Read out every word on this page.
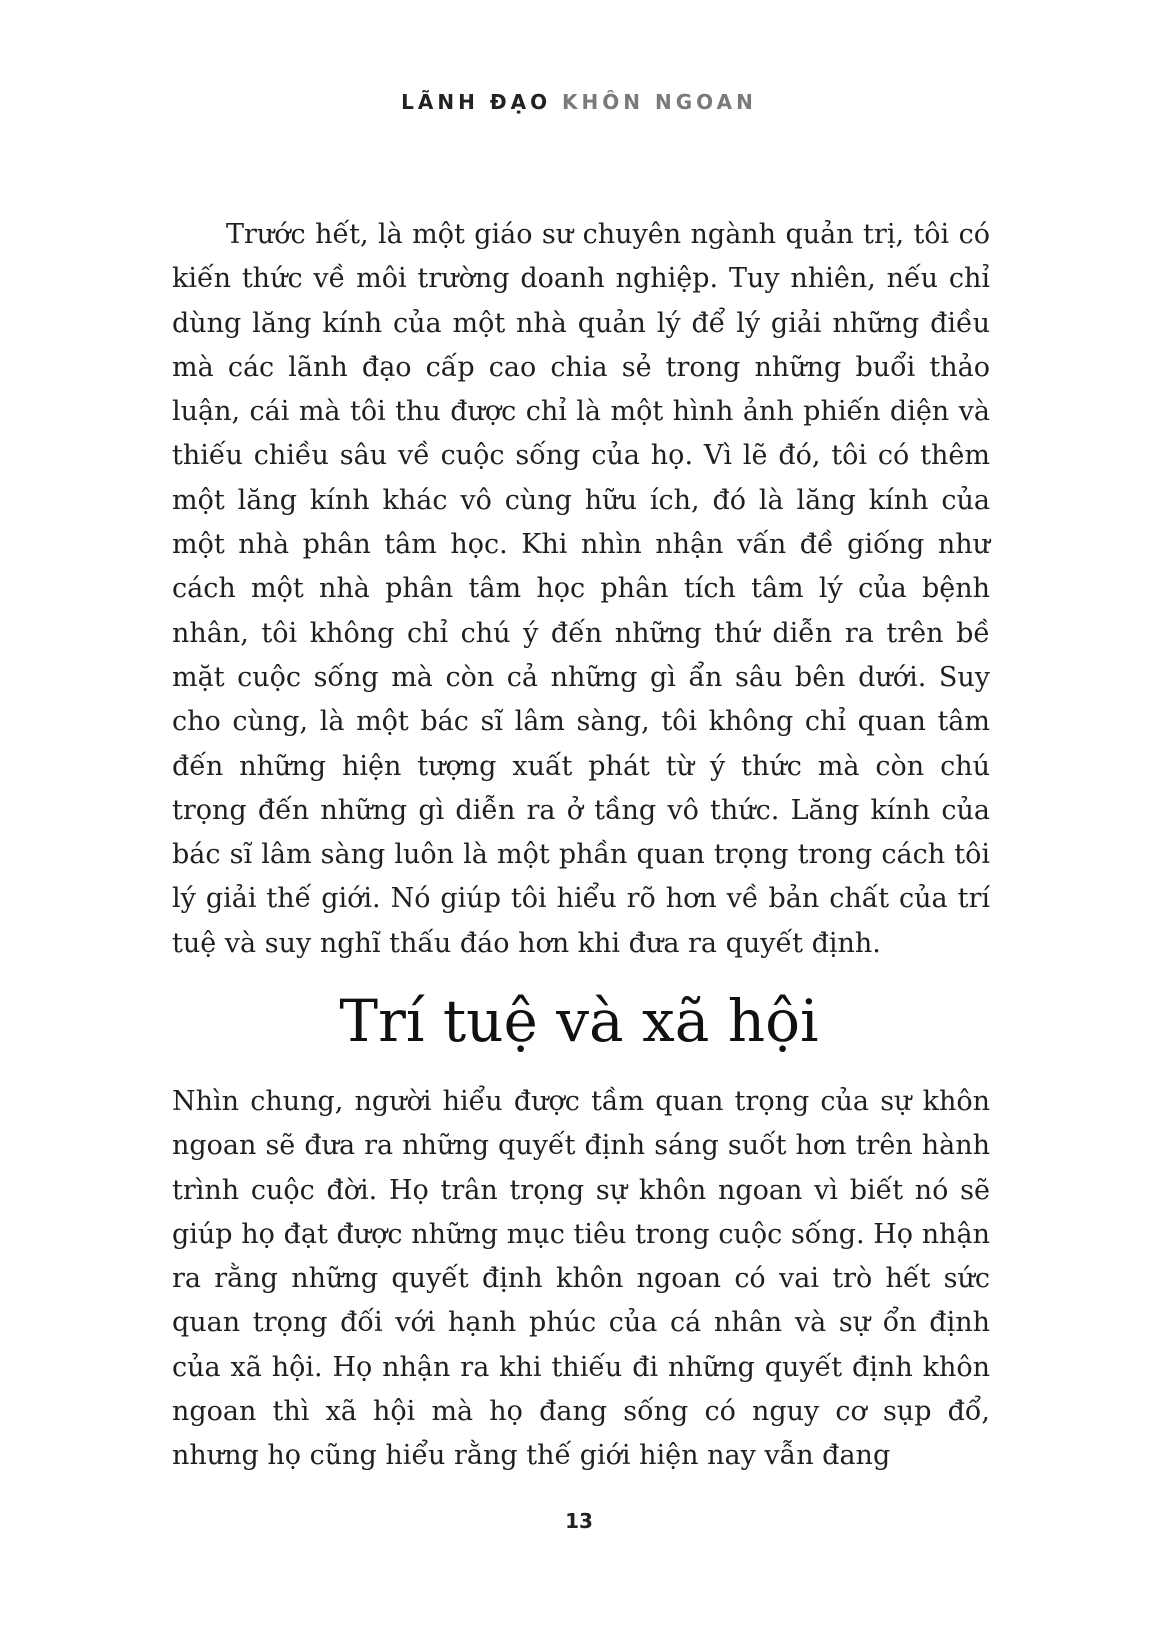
LÃNH ĐẠO KHÔN NGOAN

Trước hết, là một giáo sư chuyên ngành quản trị, tôi có kiến thức về môi trường doanh nghiệp. Tuy nhiên, nếu chỉ dùng lăng kính của một nhà quản lý để lý giải những điều mà các lãnh đạo cấp cao chia sẻ trong những buổi thảo luận, cái mà tôi thu được chỉ là một hình ảnh phiến diện và thiếu chiều sâu về cuộc sống của họ. Vì lẽ đó, tôi có thêm một lăng kính khác vô cùng hữu ích, đó là lăng kính của một nhà phân tâm học. Khi nhìn nhận vấn đề giống như cách một nhà phân tâm học phân tích tâm lý của bệnh nhân, tôi không chỉ chú ý đến những thứ diễn ra trên bề mặt cuộc sống mà còn cả những gì ẩn sâu bên dưới. Suy cho cùng, là một bác sĩ lâm sàng, tôi không chỉ quan tâm đến những hiện tượng xuất phát từ ý thức mà còn chú trọng đến những gì diễn ra ở tầng vô thức. Lăng kính của bác sĩ lâm sàng luôn là một phần quan trọng trong cách tôi lý giải thế giới. Nó giúp tôi hiểu rõ hơn về bản chất của trí tuệ và suy nghĩ thấu đáo hơn khi đưa ra quyết định.

Trí tuệ và xã hội

Nhìn chung, người hiểu được tầm quan trọng của sự khôn ngoan sẽ đưa ra những quyết định sáng suốt hơn trên hành trình cuộc đời. Họ trân trọng sự khôn ngoan vì biết nó sẽ giúp họ đạt được những mục tiêu trong cuộc sống. Họ nhận ra rằng những quyết định khôn ngoan có vai trò hết sức quan trọng đối với hạnh phúc của cá nhân và sự ổn định của xã hội. Họ nhận ra khi thiếu đi những quyết định khôn ngoan thì xã hội mà họ đang sống có nguy cơ sụp đổ, nhưng họ cũng hiểu rằng thế giới hiện nay vẫn đang

13
